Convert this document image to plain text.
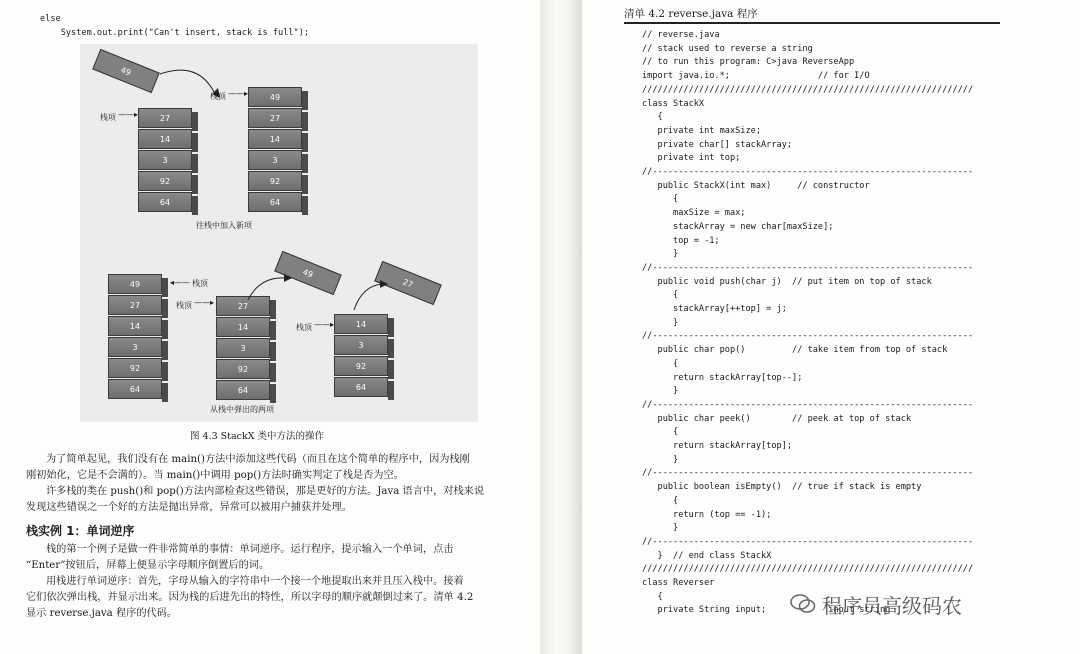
else

System.out.print("Can't insert, stack is full");

49
栈项 ——▸	27
14
3
92
64
栈顶 ——▸	49
27
14
3
92
64
往栈中加入新项
49
27
14
3
92
64
◂—— 栈顶
栈顶 ——▸	27
14
3
92
64
49
栈顶 ——▸	14
3
92
64
27
从栈中弹出的两项
图 4.3 StackX 类中方法的操作
为了简单起见，我们没有在 main()方法中添加这些代码（而且在这个简单的程序中，因为栈刚
刚初始化，它是不会满的）。当 main()中调用 pop()方法时确实判定了栈是否为空。
许多栈的类在 push()和 pop()方法内部检查这些错误，那是更好的方法。Java 语言中，对栈来说
发现这些错误之一个好的方法是抛出异常，异常可以被用户捕获并处理。
栈实例 1：单词逆序
栈的第一个例子是做一件非常简单的事情：单词逆序。运行程序，提示输入一个单词，点击
“Enter”按钮后，屏幕上便显示字母顺序倒置后的词。
用栈进行单词逆序：首先，字母从输入的字符串中一个接一个地提取出来并且压入栈中。接着
它们依次弹出栈，并显示出来。因为栈的后进先出的特性，所以字母的顺序就颠倒过来了。清单 4.2
显示 reverse.java 程序的代码。
清单 4.2 reverse.java 程序
// reverse.java
// stack used to reverse a string
// to run this program: C>java ReverseApp
import java.io.*;                 // for I/O
////////////////////////////////////////////////////////////////
class StackX
{
private int maxSize;
private char[] stackArray;
private int top;
//--------------------------------------------------------------
public StackX(int max)     // constructor
{
maxSize = max;
stackArray = new char[maxSize];
top = -1;
}
//--------------------------------------------------------------
public void push(char j)  // put item on top of stack
{
stackArray[++top] = j;
}
//--------------------------------------------------------------
public char pop()         // take item from top of stack
{
return stackArray[top--];
}
//--------------------------------------------------------------
public char peek()        // peek at top of stack
{
return stackArray[top];
}
//--------------------------------------------------------------
public boolean isEmpty()  // true if stack is empty
{
return (top == -1);
}
//--------------------------------------------------------------
}  // end class StackX
////////////////////////////////////////////////////////////////
class Reverser
{
private String input;            input string
程序员高级码农
